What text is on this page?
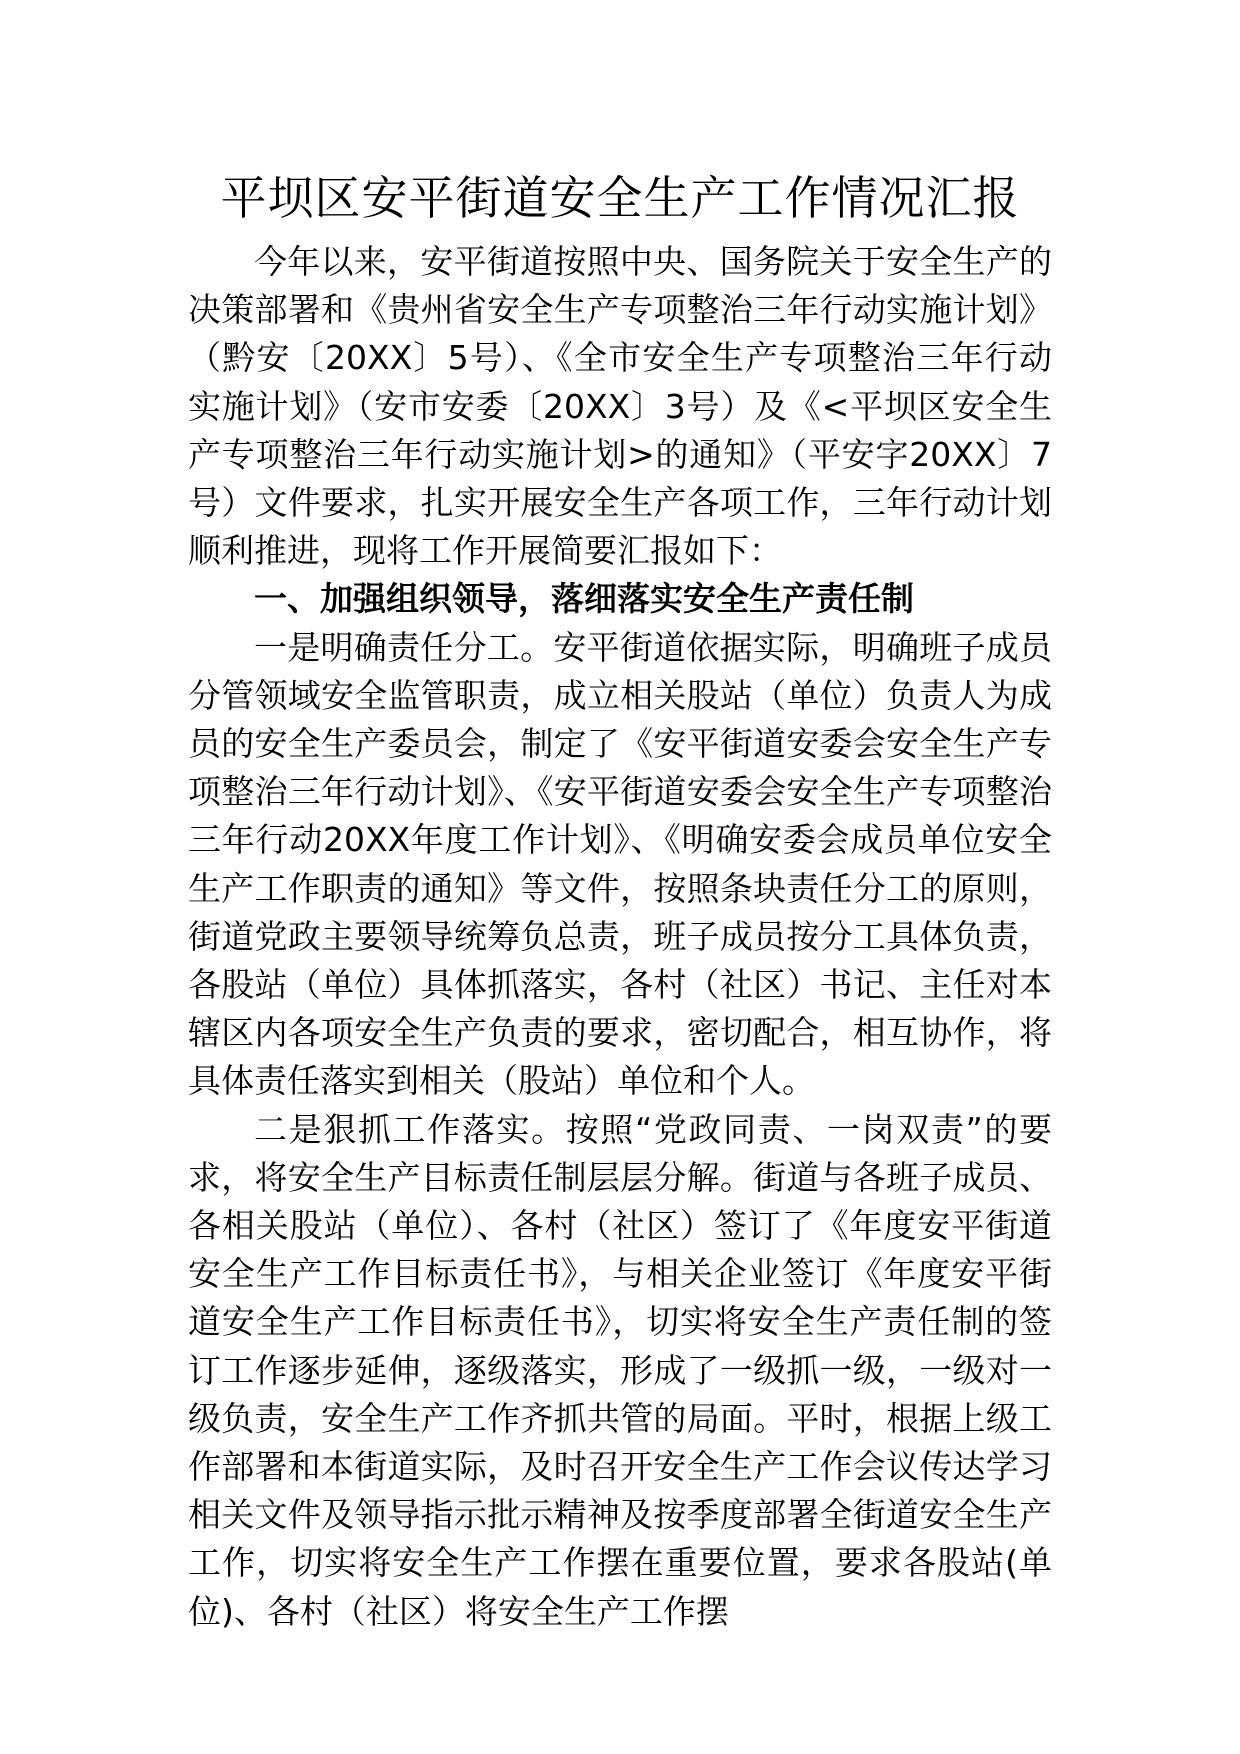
平坝区安平街道安全生产工作情况汇报

今年以来，安平街道按照中央、国务院关于安全生产的决策部署和《贵州省安全生产专项整治三年行动实施计划》（黔安〔20XX〕5号）、《全市安全生产专项整治三年行动实施计划》（安市安委〔20XX〕3号）及《<平坝区安全生产专项整治三年行动实施计划>的通知》（平安字20XX〕7 号）文件要求，扎实开展安全生产各项工作，三年行动计划顺利推进，现将工作开展简要汇报如下：

一、加强组织领导，落细落实安全生产责任制

一是明确责任分工。安平街道依据实际，明确班子成员分管领域安全监管职责，成立相关股站（单位）负责人为成员的安全生产委员会，制定了《安平街道安委会安全生产专项整治三年行动计划》、《安平街道安委会安全生产专项整治三年行动20XX年度工作计划》、《明确安委会成员单位安全生产工作职责的通知》等文件，按照条块责任分工的原则，街道党政主要领导统筹负总责，班子成员按分工具体负责，各股站（单位）具体抓落实，各村（社区）书记、主任对本辖区内各项安全生产负责的要求，密切配合，相互协作，将具体责任落实到相关（股站）单位和个人。

二是狠抓工作落实。按照“党政同责、一岗双责”的要求，将安全生产目标责任制层层分解。街道与各班子成员、各相关股站（单位）、各村（社区）签订了《年度安平街道安全生产工作目标责任书》，与相关企业签订《年度安平街道安全生产工作目标责任书》，切实将安全生产责任制的签订工作逐步延伸，逐级落实，形成了一级抓一级，一级对一级负责，安全生产工作齐抓共管的局面。平时，根据上级工作部署和本街道实际，及时召开安全生产工作会议传达学习相关文件及领导指示批示精神及按季度部署全街道安全生产工作，切实将安全生产工作摆在重要位置，要求各股站(单位)、各村（社区）将安全生产工作摆
